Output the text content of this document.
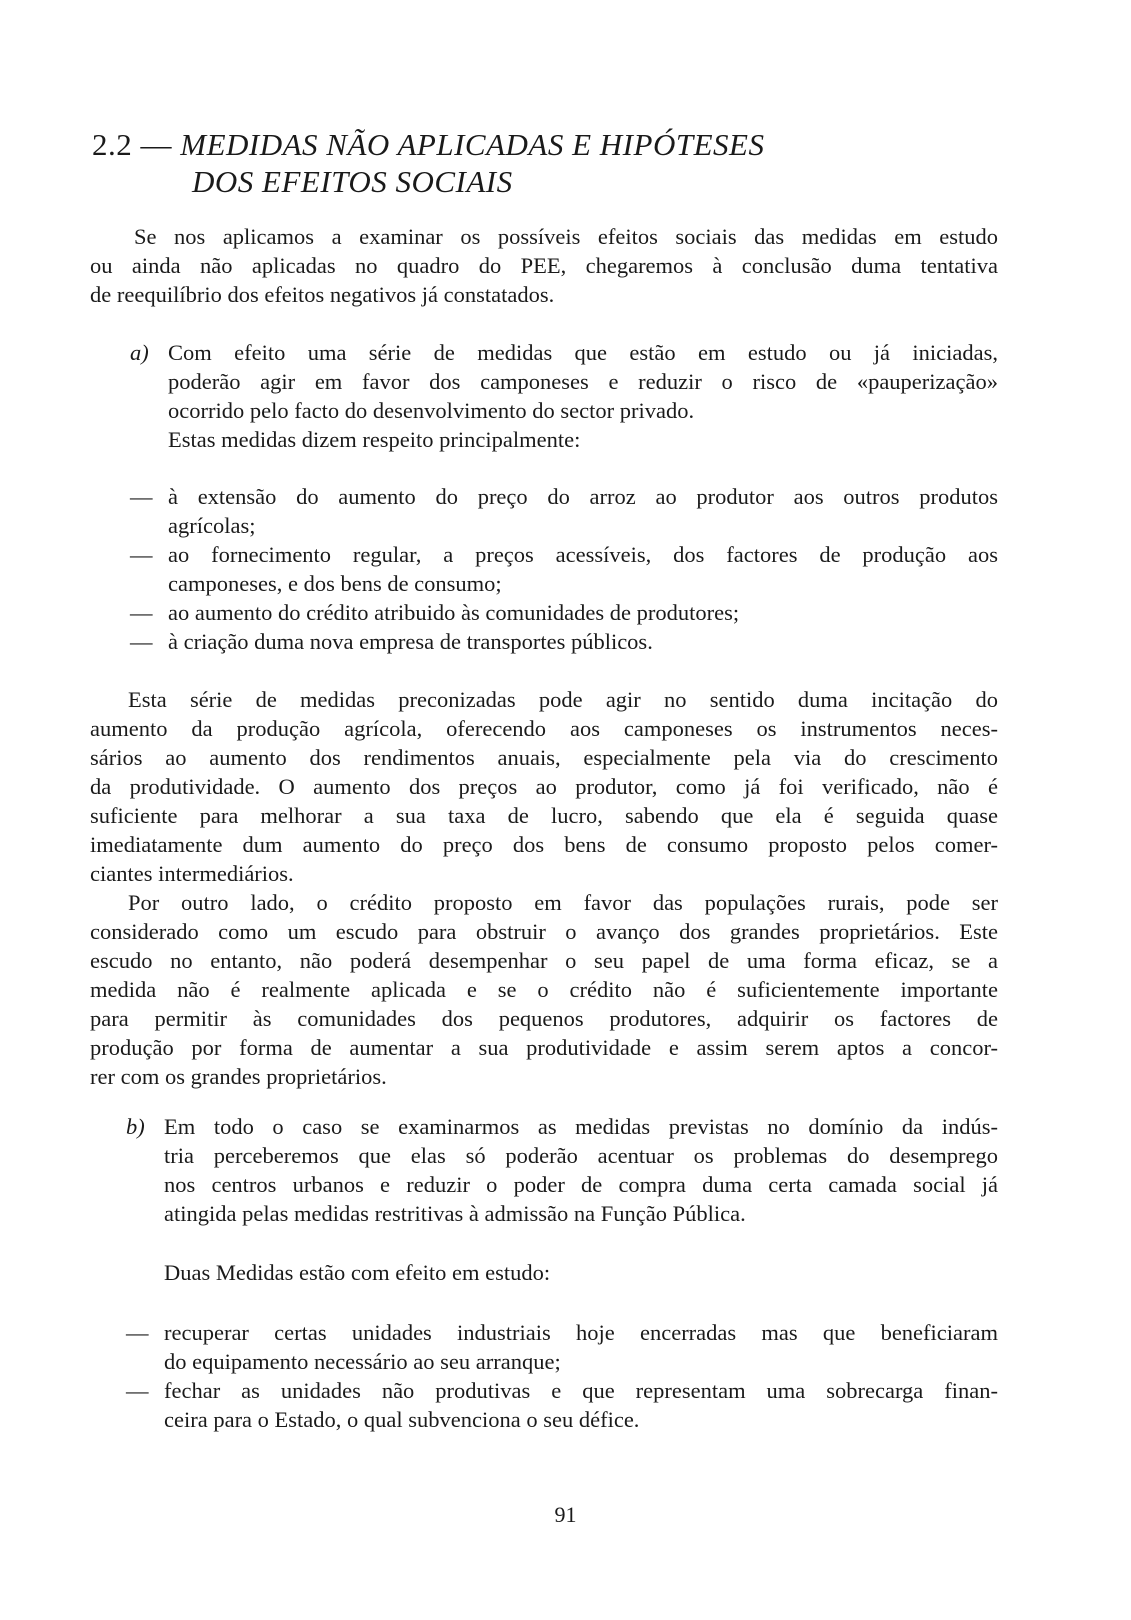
2.2 — MEDIDAS NÃO APLICADAS E HIPÓTESES
DOS EFEITOS SOCIAIS
Se nos aplicamos a examinar os possíveis efeitos sociais das medidas em estudo
ou ainda não aplicadas no quadro do PEE, chegaremos à conclusão duma tentativa
de reequilíbrio dos efeitos negativos já constatados.
a) Com efeito uma série de medidas que estão em estudo ou já iniciadas,
poderão agir em favor dos camponeses e reduzir o risco de «pauperização»
ocorrido pelo facto do desenvolvimento do sector privado.
Estas medidas dizem respeito principalmente:
— à extensão do aumento do preço do arroz ao produtor aos outros produtos
agrícolas;
— ao fornecimento regular, a preços acessíveis, dos factores de produção aos
camponeses, e dos bens de consumo;
— ao aumento do crédito atribuido às comunidades de produtores;
— à criação duma nova empresa de transportes públicos.
Esta série de medidas preconizadas pode agir no sentido duma incitação do
aumento da produção agrícola, oferecendo aos camponeses os instrumentos neces-
sários ao aumento dos rendimentos anuais, especialmente pela via do crescimento
da produtividade. O aumento dos preços ao produtor, como já foi verificado, não é
suficiente para melhorar a sua taxa de lucro, sabendo que ela é seguida quase
imediatamente dum aumento do preço dos bens de consumo proposto pelos comer-
ciantes intermediários.
Por outro lado, o crédito proposto em favor das populações rurais, pode ser
considerado como um escudo para obstruir o avanço dos grandes proprietários. Este
escudo no entanto, não poderá desempenhar o seu papel de uma forma eficaz, se a
medida não é realmente aplicada e se o crédito não é suficientemente importante
para permitir às comunidades dos pequenos produtores, adquirir os factores de
produção por forma de aumentar a sua produtividade e assim serem aptos a concor-
rer com os grandes proprietários.
b) Em todo o caso se examinarmos as medidas previstas no domínio da indús-
tria perceberemos que elas só poderão acentuar os problemas do desemprego
nos centros urbanos e reduzir o poder de compra duma certa camada social já
atingida pelas medidas restritivas à admissão na Função Pública.
Duas Medidas estão com efeito em estudo:
— recuperar certas unidades industriais hoje encerradas mas que beneficiaram
do equipamento necessário ao seu arranque;
— fechar as unidades não produtivas e que representam uma sobrecarga finan-
ceira para o Estado, o qual subvenciona o seu défice.
91
